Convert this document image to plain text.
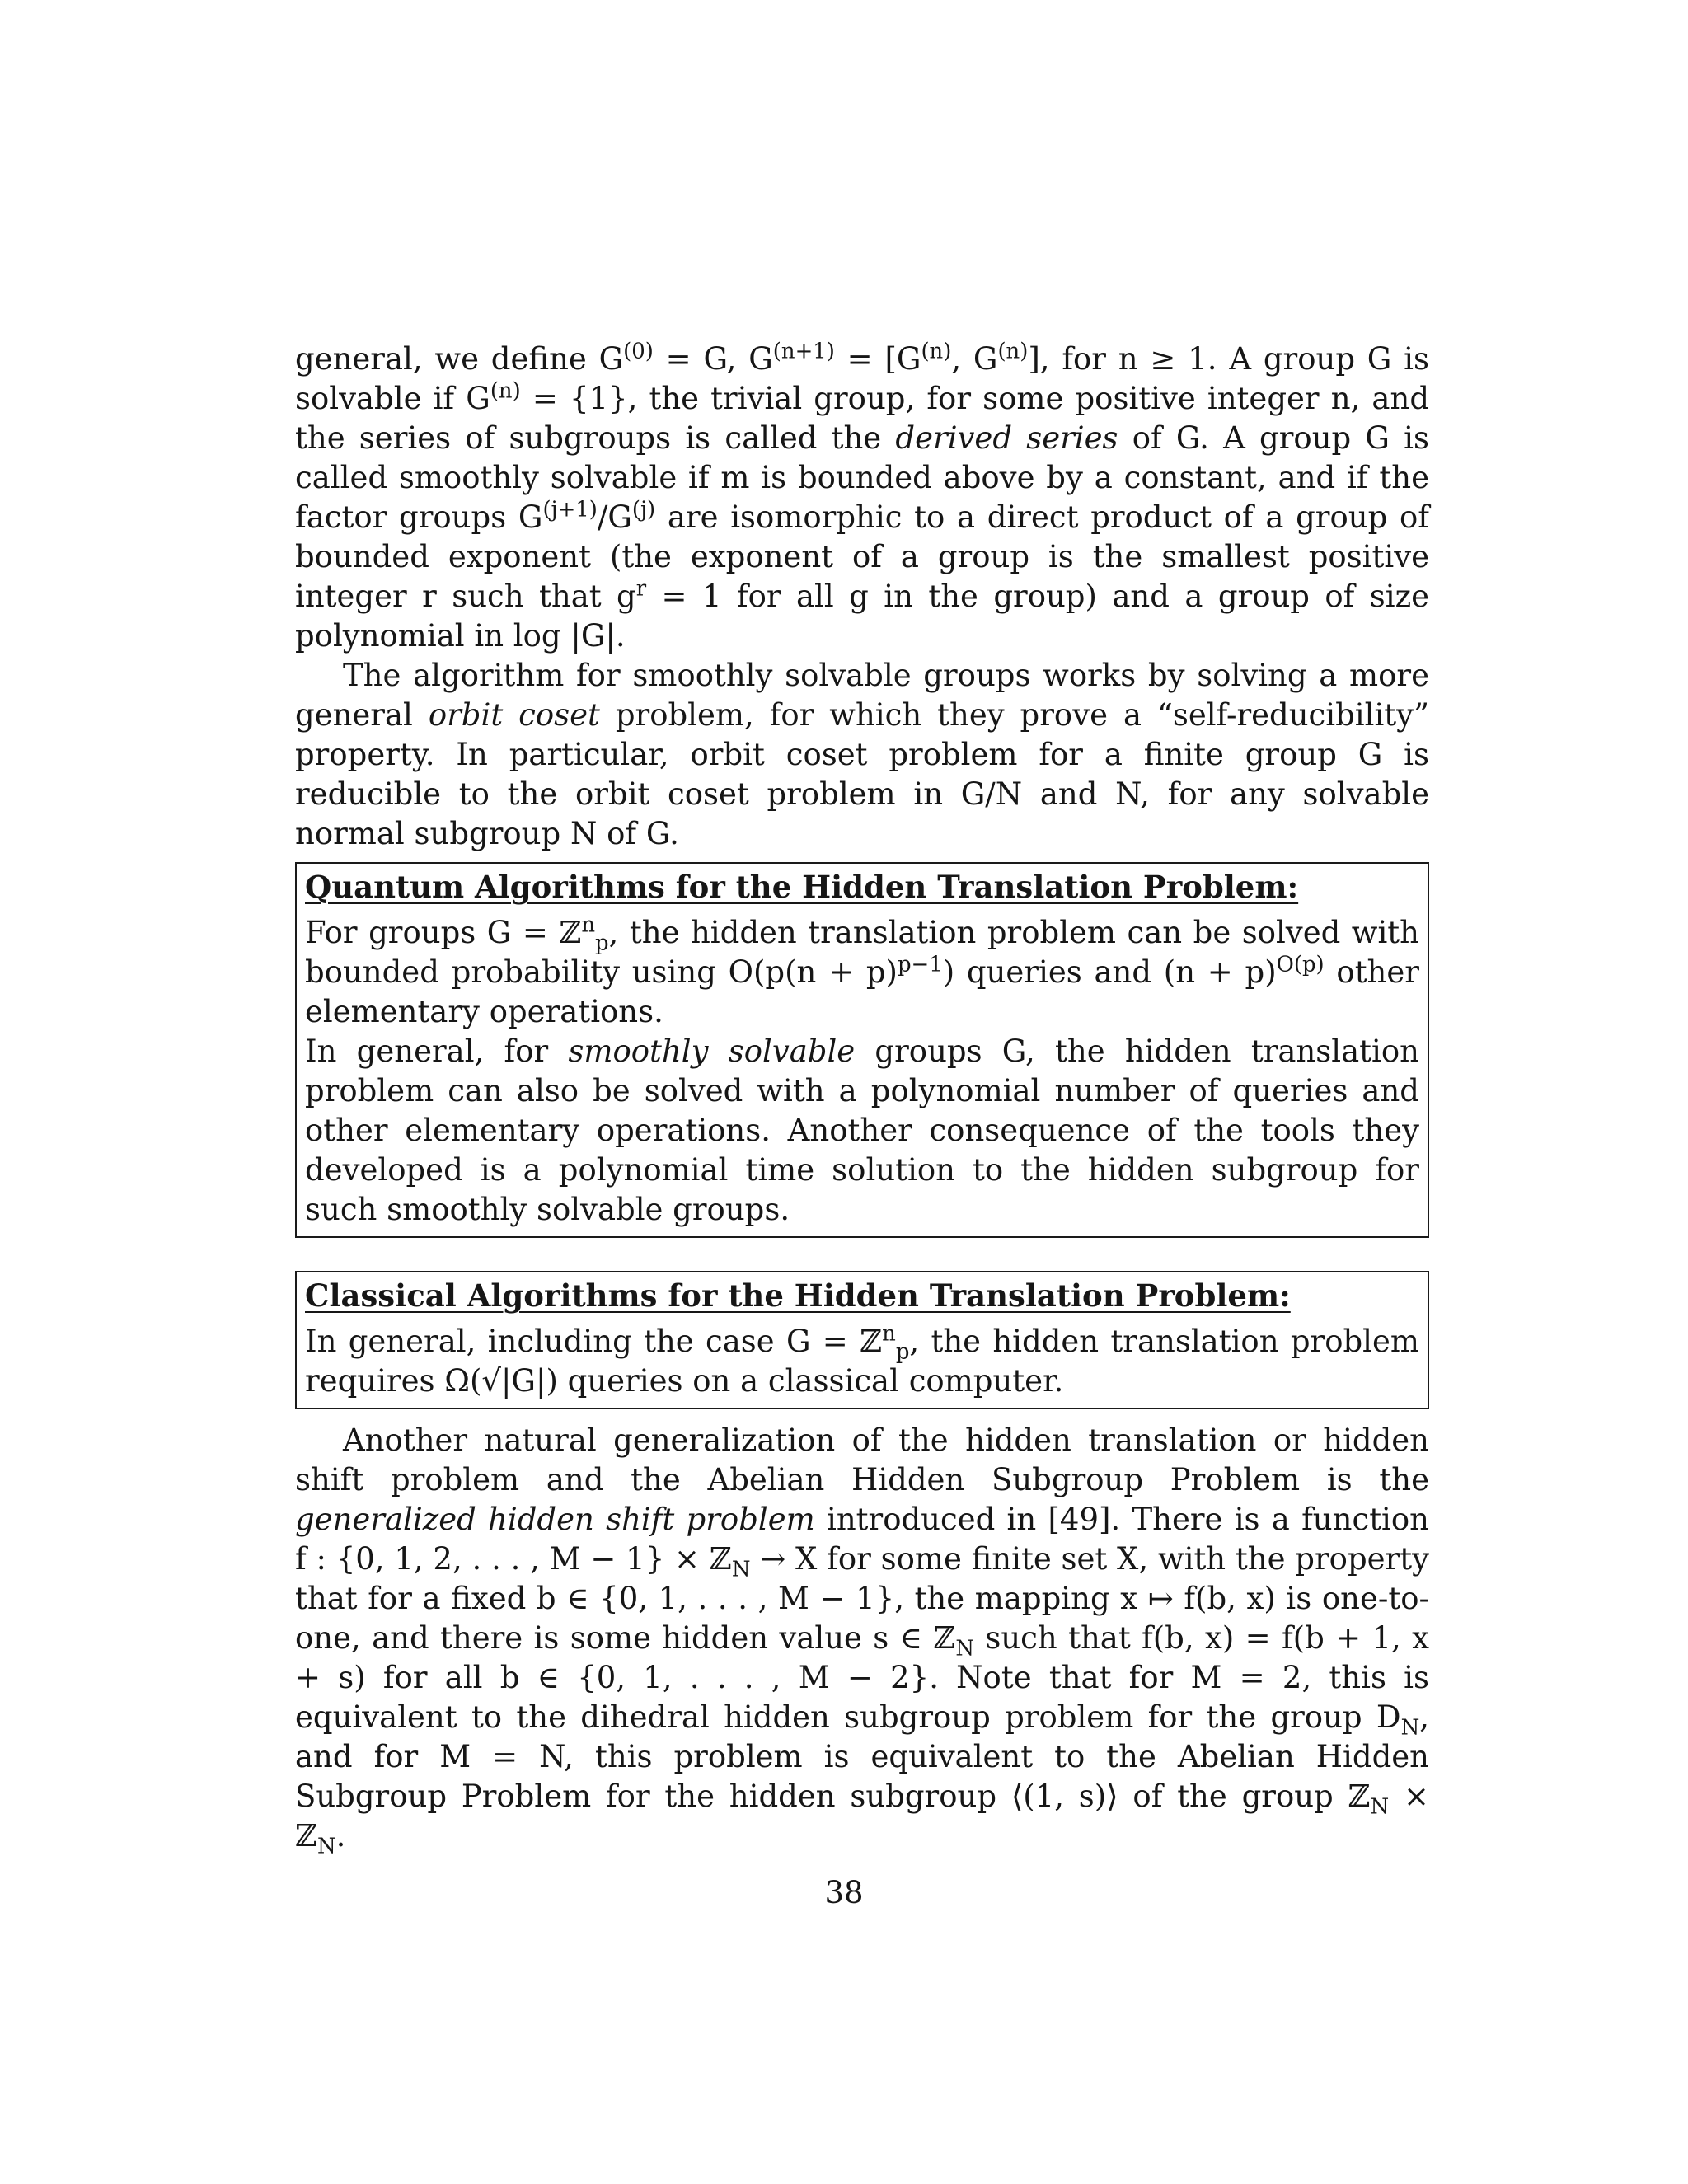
general, we define $G^{(0)} = G$, $G^{(n+1)} = [G^{(n)}$, $G^{(n)}$], for n ≥ 1. A group G is solvable if $G^{(n)} = \{1\}$, the trivial group, for some positive integer n, and the series of subgroups is called the derived series of G. A group G is called smoothly solvable if m is bounded above by a constant, and if the factor groups $G^{(j+1)}/G^{(j)}$ are isomorphic to a direct product of a group of bounded exponent (the exponent of a group is the smallest positive integer r such that $g^r = 1$ for all g in the group) and a group of size polynomial in log |G|.

The algorithm for smoothly solvable groups works by solving a more general orbit coset problem, for which they prove a “self-reducibility” property. In particular, orbit coset problem for a finite group G is reducible to the orbit coset problem in G/N and N, for any solvable normal subgroup N of G.

Quantum Algorithms for the Hidden Translation Problem:

For groups G = ℤ$^n_p$, the hidden translation problem can be solved with bounded probability using $O(p(n + p)^{p-1})$ queries and $(n + p)^{O(p)}$ other elementary operations.

In general, for smoothly solvable groups G, the hidden translation problem can also be solved with a polynomial number of queries and other elementary operations. Another consequence of the tools they developed is a polynomial time solution to the hidden subgroup for such smoothly solvable groups.

Classical Algorithms for the Hidden Translation Problem:

In general, including the case G = ℤ$^n_p$, the hidden translation problem requires Ω(√|G|) queries on a classical computer.

Another natural generalization of the hidden translation or hidden shift problem and the Abelian Hidden Subgroup Problem is the generalized hidden shift problem introduced in [49]. There is a function f : {0, 1, 2, . . . , M − 1} × ℤ$_N$ → X for some finite set X, with the property that for a fixed b ∈ {0, 1, . . . , M − 1}, the mapping x ↦ f(b, x) is one-to-one, and there is some hidden value s ∈ ℤ$_N$ such that f(b, x) = f(b + 1, x + s) for all b ∈ {0, 1, . . . , M − 2}. Note that for M = 2, this is equivalent to the dihedral hidden subgroup problem for the group $D_N$, and for M = N, this problem is equivalent to the Abelian Hidden Subgroup Problem for the hidden subgroup ⟨(1, s)⟩ of the group ℤ$_N$ × ℤ$_N$.

38
